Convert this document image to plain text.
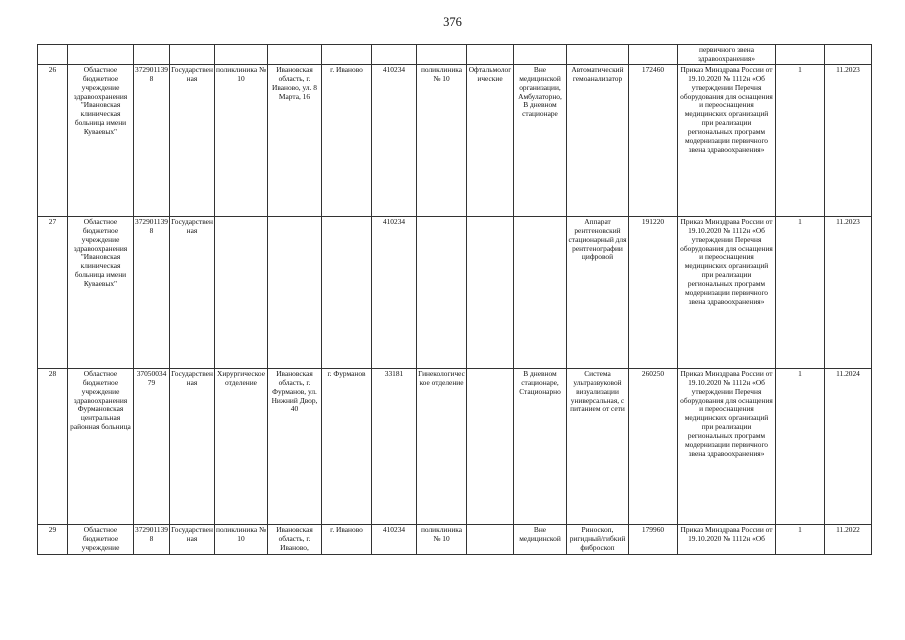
376
													первичного звена здравоохранения»		
26	Областное бюджетное учреждение здравоохранения "Ивановская клиническая больница имени Куваевых"	3729011398	Государственная	поликлиника № 10	Ивановская область, г. Иваново, ул. 8 Марта, 16	г. Иваново	410234	поликлиника № 10	Офтальмологические	Вне медицинской организации, Амбулаторно, В дневном стационаре	Автоматический гемоанализатор	172460	Приказ Минздрава России от 19.10.2020 № 1112н «Об утверждении Перечня оборудования для оснащения и переоснащения медицинских организаций при реализации региональных программ модернизации первичного звена здравоохранения»	1	11.2023
27	Областное бюджетное учреждение здравоохранения "Ивановская клиническая больница имени Куваевых"	3729011398	Государственная				410234				Аппарат рентгеновский стационарный для рентгенографии цифровой	191220	Приказ Минздрава России от 19.10.2020 № 1112н «Об утверждении Перечня оборудования для оснащения и переоснащения медицинских организаций при реализации региональных программ модернизации первичного звена здравоохранения»	1	11.2023
28	Областное бюджетное учреждение здравоохранения Фурмановская центральная районная больница	3705003479	Государственная	Хирургическое отделение	Ивановская область, г. Фурманов, ул. Нижний Двор, 40	г. Фурманов	33181	Гинекологическое отделение		В дневном стационаре, Стационарно	Система ультразвуковой визуализации универсальная, с питанием от сети	260250	Приказ Минздрава России от 19.10.2020 № 1112н «Об утверждении Перечня оборудования для оснащения и переоснащения медицинских организаций при реализации региональных программ модернизации первичного звена здравоохранения»	1	11.2024
29	Областное бюджетное учреждение	3729011398	Государственная	поликлиника № 10	Ивановская область, г. Иваново,	г. Иваново	410234	поликлиника № 10		Вне медицинской	Риноскоп, ригидный/гибкий фиброскоп	179960	Приказ Минздрава России от 19.10.2020 № 1112н «Об	1	11.2022
